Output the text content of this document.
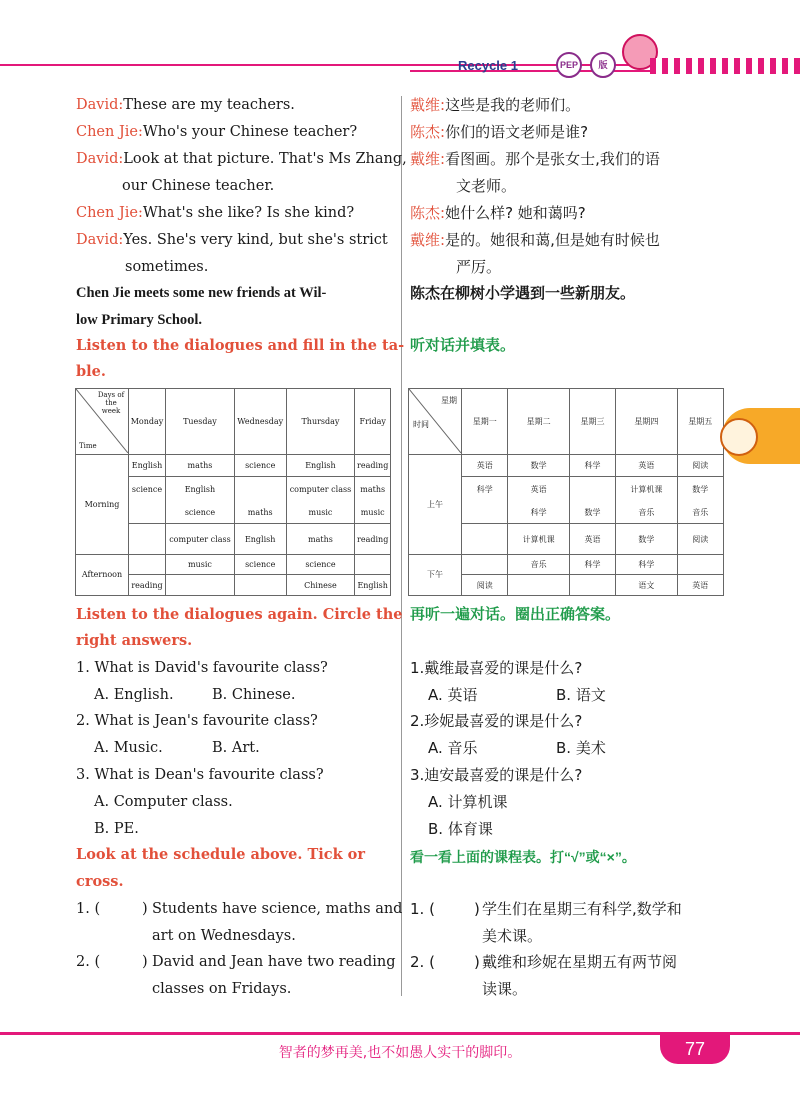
Recycle 1	PEP	版
David:These are my teachers.
Chen Jie:Who's your Chinese teacher?
David:Look at that picture. That's Ms Zhang,
our Chinese teacher.
Chen Jie:What's she like? Is she kind?
David:Yes. She's very kind, but she's strict
sometimes.
Chen Jie meets some new friends at Wil-
low Primary School.
Listen to the dialogues and fill in the ta-
ble.
Days of the week
Time	Monday	Tuesday	Wednesday	Thursday	Friday
Morning	English	maths	science	English	reading
	science	English		computer class	maths
		science	maths	music	music
		computer class	English	maths	reading
Afternoon		music	science	science	
	reading			Chinese	English
Listen to the dialogues again. Circle the
right answers.
1. What is David's favourite class?
A. English.	B. Chinese.
2. What is Jean's favourite class?
A. Music.	B. Art.
3. What is Dean's favourite class?
A. Computer class.
B. PE.
Look at the schedule above. Tick or
cross.
1. (	) Students have science, maths and
art on Wednesdays.
2. (	) David and Jean have two reading
classes on Fridays.
戴维:这些是我的老师们。
陈杰:你们的语文老师是谁?
戴维:看图画。那个是张女士,我们的语
文老师。
陈杰:她什么样? 她和蔼吗?
戴维:是的。她很和蔼,但是她有时候也
严厉。
陈杰在柳树小学遇到一些新朋友。
听对话并填表。
星期
时间	星期一	星期二	星期三	星期四	星期五
上午	英语	数学	科学	英语	阅读
	科学	英语		计算机课	数学
		科学	数学	音乐	音乐
		计算机课	英语	数学	阅读
下午		音乐	科学	科学	
	阅读			语文	英语
再听一遍对话。圈出正确答案。
1.戴维最喜爱的课是什么?
A. 英语	B. 语文
2.珍妮最喜爱的课是什么?
A. 音乐	B. 美术
3.迪安最喜爱的课是什么?
A. 计算机课
B. 体育课
看一看上面的课程表。打“√”或“×”。
1. (	) 学生们在星期三有科学,数学和
美术课。
2. (	) 戴维和珍妮在星期五有两节阅
读课。
智者的梦再美,也不如愚人实干的脚印。	77
